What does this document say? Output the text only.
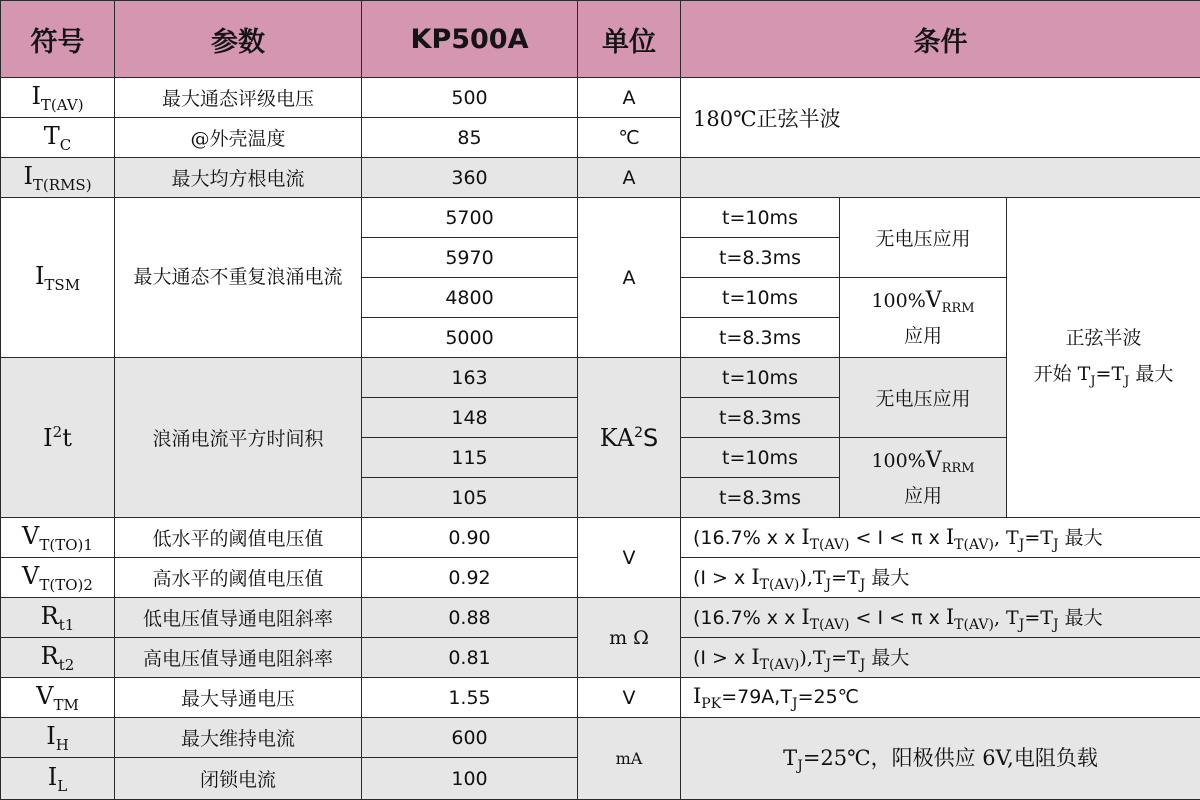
符号	参数	KP500A	单位	条件		
$I_{T(AV)}$	最大通态评级电压	500	A	180℃正弦半波		
$T_C$	@外壳温度	85	℃			
$I_{T(RMS)}$	最大均方根电流	360	A			
$I_{TSM}$	最大通态不重复浪涌电流	5700	A	t=10ms	无电压应用	正弦半波
开始 $T_J=T_J$ 最大

		5970		t=8.3ms		
		4800		t=10ms	$100\%V_{RRM}$
应用	

		5000		t=8.3ms		
$I^2t$	浪涌电流平方时间积	163	$KA^2S$	t=10ms	无电压应用	
		148		t=8.3ms		
		115		t=10ms	$100\%V_{RRM}$
应用	

		105		t=8.3ms		
$V_{T(TO)1}$	低水平的阈值电压值	0.90	V	(16.7% x x $I_{T(AV)} < I < \pi$ x $I_{T(AV)}$, $T_J=T_J$ 最大		
$V_{T(TO)2}$	高水平的阈值电压值	0.92		(I > x $I_{T(AV)}),T_J=T_J$ 最大		
$R_{t1}$	低电压值导通电阻斜率	0.88	m Ω	(16.7% x x $I_{T(AV)} < I < \pi$ x $I_{T(AV)}$, $T_J=T_J$ 最大		
$R_{t2}$	高电压值导通电阻斜率	0.81		(I > x $I_{T(AV)}),T_J=T_J$ 最大		
$V_{TM}$	最大导通电压	1.55	V	$I_{PK}=79A,T_J=25℃$		
$I_H$	最大维持电流	600	mA	$T_J=25℃$，阳极供应 6V,电阻负载		
$I_L$	闭锁电流	100				
